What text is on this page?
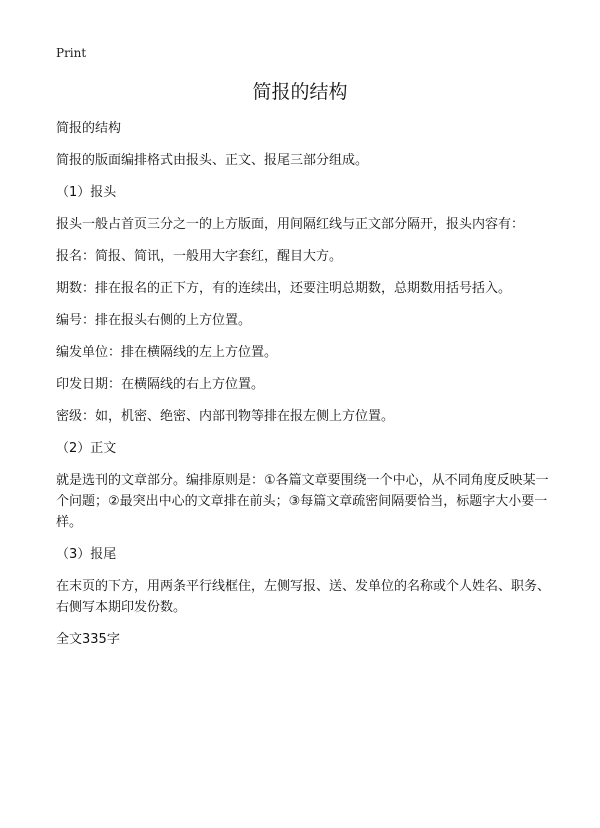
Print
简报的结构

简报的结构

简报的版面编排格式由报头、正文、报尾三部分组成。

（1）报头

报头一般占首页三分之一的上方版面，用间隔红线与正文部分隔开，报头内容有：

报名：简报、简讯，一般用大字套红，醒目大方。

期数：排在报名的正下方，有的连续出，还要注明总期数，总期数用括号括入。

编号：排在报头右侧的上方位置。

编发单位：排在横隔线的左上方位置。

印发日期：在横隔线的右上方位置。

密级：如，机密、绝密、内部刊物等排在报左侧上方位置。

（2）正文

就是选刊的文章部分。编排原则是：①各篇文章要围绕一个中心，从不同角度反映某一个问题；②最突出中心的文章排在前头；③每篇文章疏密间隔要恰当，标题字大小要一样。

（3）报尾

在末页的下方，用两条平行线框住，左侧写报、送、发单位的名称或个人姓名、职务、右侧写本期印发份数。

全文335字
